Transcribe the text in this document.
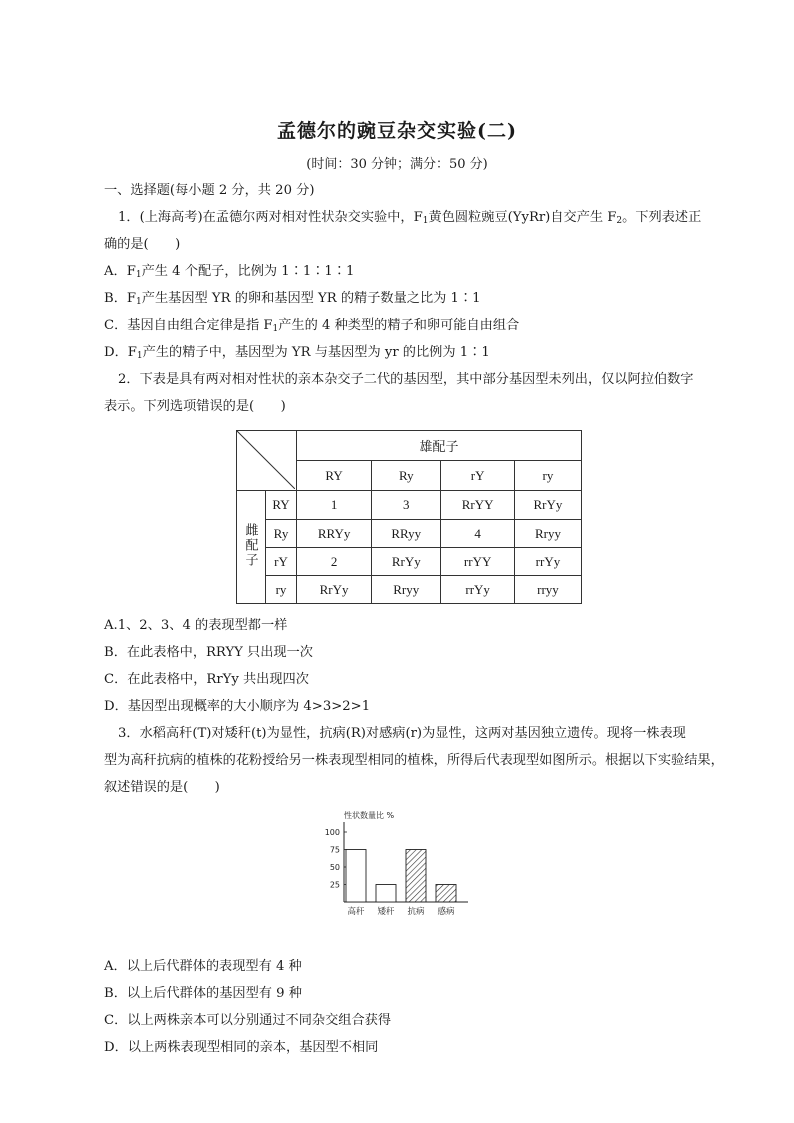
孟德尔的豌豆杂交实验(二)
(时间：30 分钟；满分：50 分)
一、选择题(每小题 2 分，共 20 分)
1．(上海高考)在孟德尔两对相对性状杂交实验中，$F_1$黄色圆粒豌豆(YyRr)自交产生 $F_2$。下列表述正
确的是(　　)
A．$F_1$产生 4 个配子，比例为 1∶1∶1∶1
B．$F_1$产生基因型 YR 的卵和基因型 YR 的精子数量之比为 1∶1
C．基因自由组合定律是指 $F_1$产生的 4 种类型的精子和卵可能自由组合
D．$F_1$产生的精子中，基因型为 YR 与基因型为 yr 的比例为 1∶1
2．下表是具有两对相对性状的亲本杂交子二代的基因型，其中部分基因型未列出，仅以阿拉伯数字
表示。下列选项错误的是(　　)
	雄配子			
		RY	Ry	rY	ry
雌配子	RY	1	3	RrYY	RrYy
	Ry	RRYy	RRyy	4	Rryy
	rY	2	RrYy	rrYY	rrYy
	ry	RrYy	Rryy	rrYy	rryy
A.1、2、3、4 的表现型都一样
B．在此表格中，RRYY 只出现一次
C．在此表格中，RrYy 共出现四次
D．基因型出现概率的大小顺序为 4>3>2>1
3．水稻高秆(T)对矮秆(t)为显性，抗病(R)对感病(r)为显性，这两对基因独立遗传。现将一株表现
型为高秆抗病的植株的花粉授给另一株表现型相同的植株，所得后代表现型如图所示。根据以下实验结果，
叙述错误的是(　　)
性状数量比 %
25
50
75
100
高秆 矮秆 抗病 感病
A．以上后代群体的表现型有 4 种
B．以上后代群体的基因型有 9 种
C．以上两株亲本可以分别通过不同杂交组合获得
D．以上两株表现型相同的亲本，基因型不相同
